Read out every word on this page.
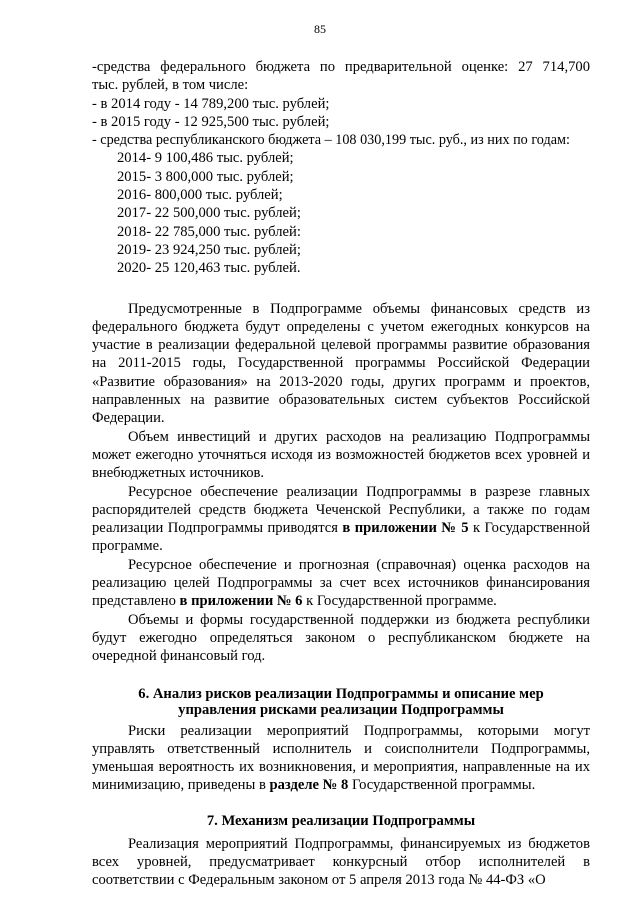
85
-средства федерального бюджета по предварительной оценке: 27 714,700
тыс. рублей, в том числе:
- в 2014 году - 14 789,200 тыс. рублей;
- в 2015 году - 12 925,500 тыс. рублей;
- средства республиканского бюджета – 108 030,199 тыс. руб., из них по годам:
2014- 9 100,486 тыс. рублей;
2015- 3 800,000 тыс. рублей;
2016- 800,000 тыс. рублей;
2017- 22 500,000 тыс. рублей;
2018- 22 785,000 тыс. рублей:
2019- 23 924,250 тыс. рублей;
2020- 25 120,463 тыс. рублей.
Предусмотренные в Подпрограмме объемы финансовых средств из федерального бюджета будут определены с учетом ежегодных конкурсов на участие в реализации федеральной целевой программы развитие образования на 2011-2015 годы, Государственной программы Российской Федерации «Развитие образования» на 2013-2020 годы, других программ и проектов, направленных на развитие образовательных систем субъектов Российской Федерации.
Объем инвестиций и других расходов на реализацию Подпрограммы может ежегодно уточняться исходя из возможностей бюджетов всех уровней и внебюджетных источников.
Ресурсное обеспечение реализации Подпрограммы в разрезе главных распорядителей средств бюджета Чеченской Республики, а также по годам реализации Подпрограммы приводятся в приложении № 5 к Государственной программе.
Ресурсное обеспечение и прогнозная (справочная) оценка расходов на реализацию целей Подпрограммы за счет всех источников финансирования представлено в приложении № 6 к Государственной программе.
Объемы и формы государственной поддержки из бюджета республики будут ежегодно определяться законом о республиканском бюджете на очередной финансовый год.
6. Анализ рисков реализации Подпрограммы и описание мер
управления рисками реализации Подпрограммы
Риски реализации мероприятий Подпрограммы, которыми могут управлять ответственный исполнитель и соисполнители Подпрограммы, уменьшая вероятность их возникновения, и мероприятия, направленные на их минимизацию, приведены в разделе № 8 Государственной программы.
7. Механизм реализации Подпрограммы
Реализация мероприятий Подпрограммы, финансируемых из бюджетов всех уровней, предусматривает конкурсный отбор исполнителей в соответствии с Федеральным законом от 5 апреля 2013 года № 44-ФЗ «О
